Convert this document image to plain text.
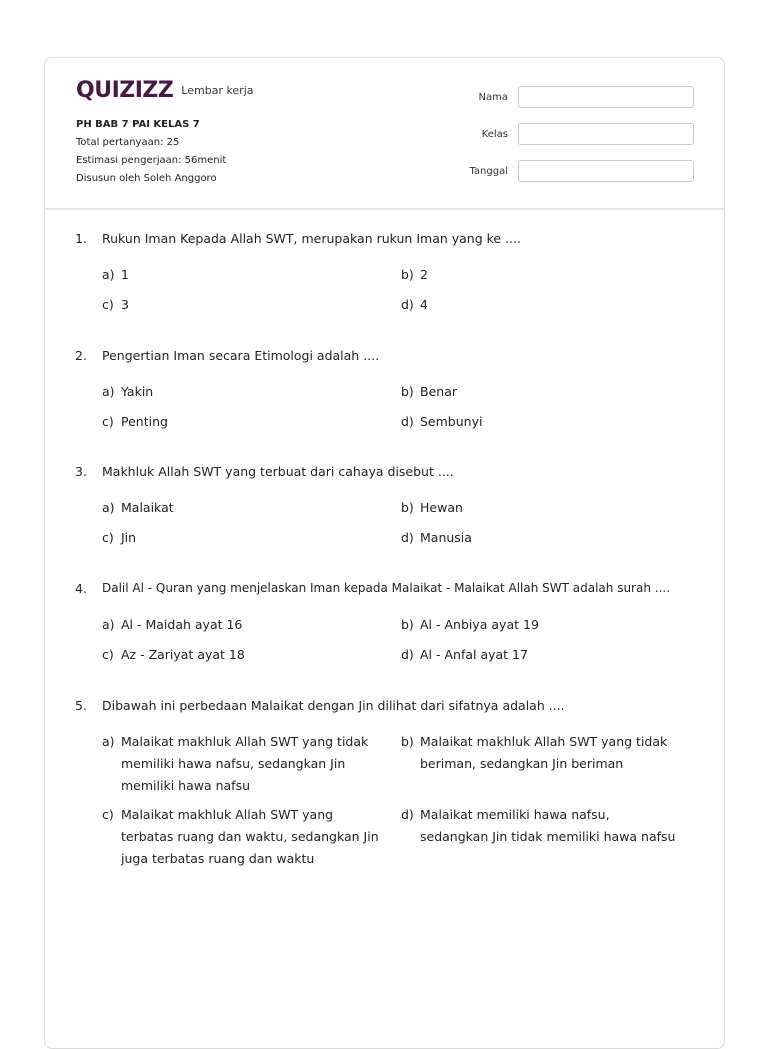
QUIZIZZ Lembar kerja
PH BAB 7 PAI KELAS 7
Total pertanyaan: 25
Estimasi pengerjaan: 56menit
Disusun oleh Soleh Anggoro
Nama
Kelas
Tanggal
1.	Rukun Iman Kepada Allah SWT, merupakan rukun Iman yang ke ....
a) 1	b) 2
c) 3	d) 4
2.	Pengertian Iman secara Etimologi adalah ....
a) Yakin	b) Benar
c) Penting	d) Sembunyi
3.	Makhluk Allah SWT yang terbuat dari cahaya disebut ....
a) Malaikat	b) Hewan
c) Jin	d) Manusia
4.	Dalil Al - Quran yang menjelaskan Iman kepada Malaikat - Malaikat Allah SWT adalah surah ....
a) Al - Maidah ayat 16	b) Al - Anbiya ayat 19
c) Az - Zariyat ayat 18	d) Al - Anfal ayat 17
5.	Dibawah ini perbedaan Malaikat dengan Jin dilihat dari sifatnya adalah ....
a) Malaikat makhluk Allah SWT yang tidak memiliki hawa nafsu, sedangkan Jin memiliki hawa nafsu
b) Malaikat makhluk Allah SWT yang tidak beriman, sedangkan Jin beriman
c) Malaikat makhluk Allah SWT yang terbatas ruang dan waktu, sedangkan Jin juga terbatas ruang dan waktu
d) Malaikat memiliki hawa nafsu, sedangkan Jin tidak memiliki hawa nafsu
